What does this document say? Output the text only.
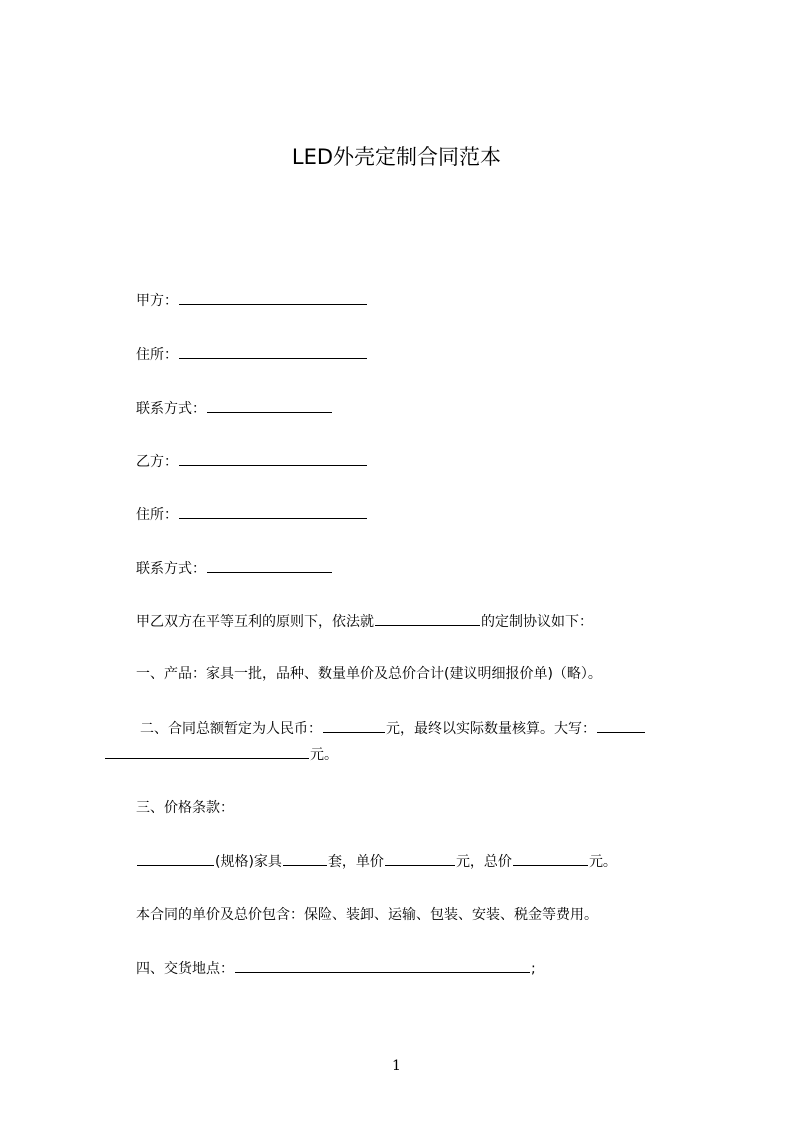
LED外壳定制合同范本
甲方：
住所：
联系方式：
乙方：
住所：
联系方式：
甲乙双方在平等互利的原则下，依法就	的定制协议如下：
一、产品：家具一批，品种、数量单价及总价合计(建议明细报价单)（略）。
二、合同总额暂定为人民币：	元，最终以实际数量核算。大写：
元。
三、价格条款：
(规格)家具	套，单价	元，总价	元。
本合同的单价及总价包含：保险、装卸、运输、包装、安装、税金等费用。
四、交货地点：	;
1
